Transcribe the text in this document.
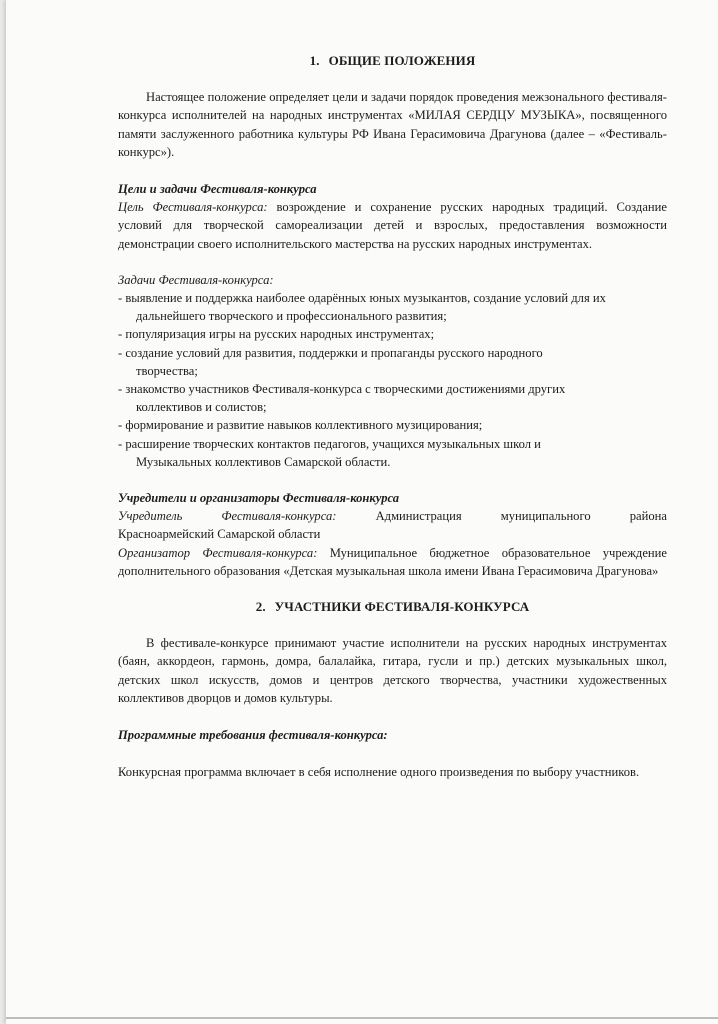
1. ОБЩИЕ ПОЛОЖЕНИЯ

Настоящее положение определяет цели и задачи порядок проведения межзонального фестиваля-конкурса исполнителей на народных инструментах «МИЛАЯ СЕРДЦУ МУЗЫКА», посвященного памяти заслуженного работника культуры РФ Ивана Герасимовича Драгунова (далее – «Фестиваль-конкурс»).

Цели и задачи Фестиваля-конкурса

Цель Фестиваля-конкурса: возрождение и сохранение русских народных традиций. Создание условий для творческой самореализации детей и взрослых, предоставления возможности демонстрации своего исполнительского мастерства на русских народных инструментах.

Задачи Фестиваля-конкурса:

- выявление и поддержка наиболее одарённых юных музыкантов, создание условий для их
дальнейшего творческого и профессионального развития;
- популяризация игры на русских народных инструментах;
- создание условий для развития, поддержки и пропаганды русского народного
творчества;
- знакомство участников Фестиваля-конкурса с творческими достижениями других
коллективов и солистов;
- формирование и развитие навыков коллективного музицирования;
- расширение творческих контактов педагогов, учащихся музыкальных школ и
Музыкальных коллективов Самарской области.

Учредители и организаторы Фестиваля-конкурса

Учредитель	Фестиваля-конкурса:	Администрация	муниципального	района

Красноармейский Самарской области

Организатор Фестиваля-конкурса: Муниципальное бюджетное образовательное учреждение дополнительного образования «Детская музыкальная школа имени Ивана Герасимовича Драгунова»

2. УЧАСТНИКИ ФЕСТИВАЛЯ-КОНКУРСА

В фестивале-конкурсе принимают участие исполнители на русских народных инструментах (баян, аккордеон, гармонь, домра, балалайка, гитара, гусли и пр.) детских музыкальных школ, детских школ искусств, домов и центров детского творчества, участники художественных коллективов дворцов и домов культуры.

Программные требования фестиваля-конкурса:

Конкурсная программа включает в себя исполнение одного произведения по выбору участников.
